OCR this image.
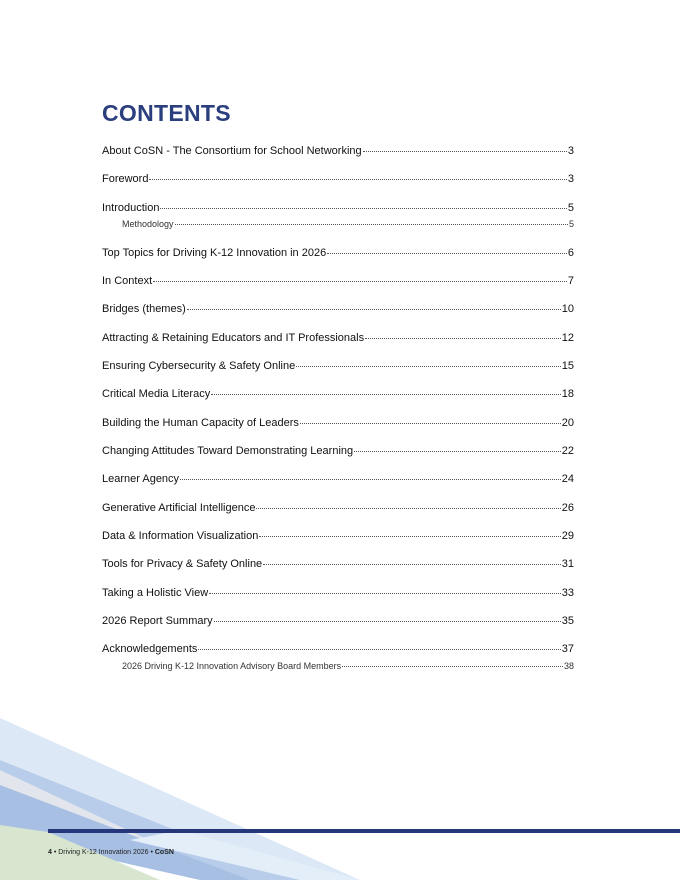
CONTENTS
About CoSN - The Consortium for School Networking	3
Foreword	3
Introduction	5
Methodology	5
Top Topics for Driving K-12 Innovation in 2026	6
In Context	7
Bridges (themes)	10
Attracting & Retaining Educators and IT Professionals	12
Ensuring Cybersecurity & Safety Online	15
Critical Media Literacy	18
Building the Human Capacity of Leaders	20
Changing Attitudes Toward Demonstrating Learning	22
Learner Agency	24
Generative Artificial Intelligence	26
Data & Information Visualization	29
Tools for Privacy & Safety Online	31
Taking a Holistic View	33
2026 Report Summary	35
Acknowledgements	37
2026 Driving K-12 Innovation Advisory Board Members	38
4 • Driving K-12 Innovation 2026 • CoSN
